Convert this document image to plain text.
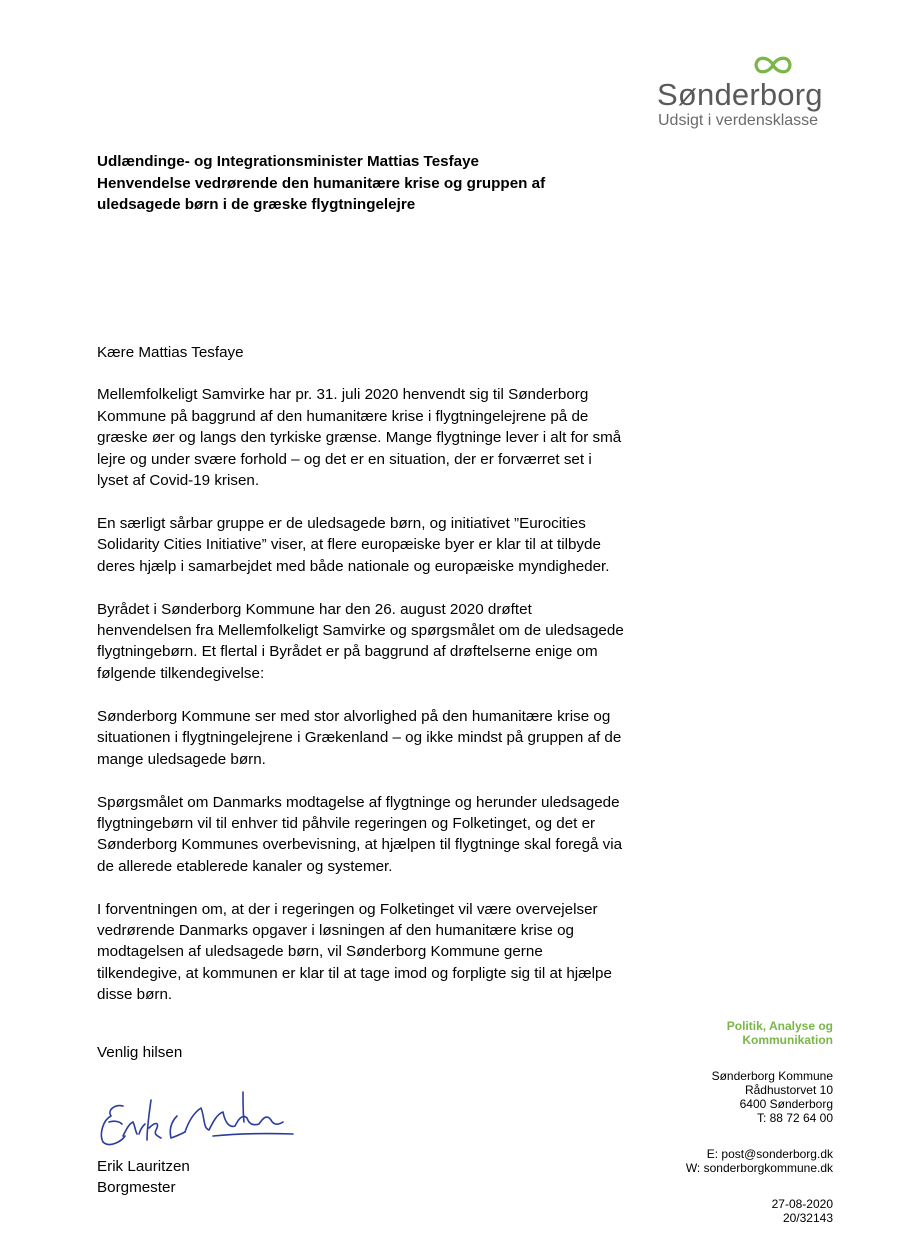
Sønderborg
Udsigt i verdensklasse
Udlændinge- og Integrationsminister Mattias Tesfaye
Henvendelse vedrørende den humanitære krise og gruppen af
uledsagede børn i de græske flygtningelejre
Kære Mattias Tesfaye
Mellemfolkeligt Samvirke har pr. 31. juli 2020 henvendt sig til Sønderborg
Kommune på baggrund af den humanitære krise i flygtningelejrene på de
græske øer og langs den tyrkiske grænse. Mange flygtninge lever i alt for små
lejre og under svære forhold – og det er en situation, der er forværret set i
lyset af Covid-19 krisen.
En særligt sårbar gruppe er de uledsagede børn, og initiativet ”Eurocities
Solidarity Cities Initiative” viser, at flere europæiske byer er klar til at tilbyde
deres hjælp i samarbejdet med både nationale og europæiske myndigheder.
Byrådet i Sønderborg Kommune har den 26. august 2020 drøftet
henvendelsen fra Mellemfolkeligt Samvirke og spørgsmålet om de uledsagede
flygtningebørn. Et flertal i Byrådet er på baggrund af drøftelserne enige om
følgende tilkendegivelse:
Sønderborg Kommune ser med stor alvorlighed på den humanitære krise og
situationen i flygtningelejrene i Grækenland – og ikke mindst på gruppen af de
mange uledsagede børn.
Spørgsmålet om Danmarks modtagelse af flygtninge og herunder uledsagede
flygtningebørn vil til enhver tid påhvile regeringen og Folketinget, og det er
Sønderborg Kommunes overbevisning, at hjælpen til flygtninge skal foregå via
de allerede etablerede kanaler og systemer.
I forventningen om, at der i regeringen og Folketinget vil være overvejelser
vedrørende Danmarks opgaver i løsningen af den humanitære krise og
modtagelsen af uledsagede børn, vil Sønderborg Kommune gerne
tilkendegive, at kommunen er klar til at tage imod og forpligte sig til at hjælpe
disse børn.
Venlig hilsen
Erik Lauritzen
Borgmester
Politik, Analyse og
Kommunikation
Sønderborg Kommune
Rådhustorvet 10
6400 Sønderborg
T: 88 72 64 00
E: post@sonderborg.dk
W: sonderborgkommune.dk
27-08-2020
20/32143
